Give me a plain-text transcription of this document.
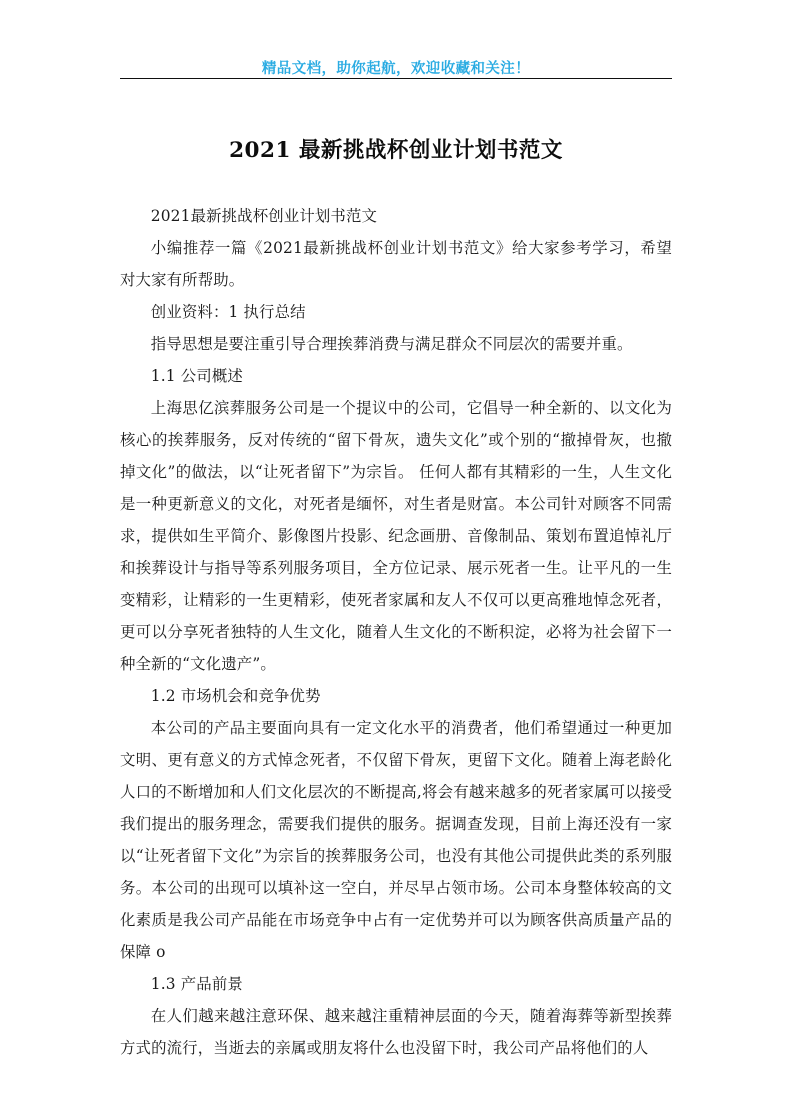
精品文档，助你起航，欢迎收藏和关注！
2021 最新挑战杯创业计划书范文

2021最新挑战杯创业计划书范文

小编推荐一篇《2021最新挑战杯创业计划书范文》给大家参考学习，希望对大家有所帮助。

创业资料：1 执行总结

指导思想是要注重引导合理挨葬消费与满足群众不同层次的需要并重。

1.1 公司概述

上海思亿滨葬服务公司是一个提议中的公司，它倡导一种全新的、以文化为核心的挨葬服务，反对传统的“留下骨灰，遗失文化”或个别的“撤掉骨灰，也撤掉文化”的做法，以“让死者留下”为宗旨。 任何人都有其精彩的一生，人生文化是一种更新意义的文化，对死者是缅怀，对生者是财富。本公司针对顾客不同需求，提供如生平简介、影像图片投影、纪念画册、音像制品、策划布置追悼礼厅和挨葬设计与指导等系列服务项目，全方位记录、展示死者一生。让平凡的一生变精彩，让精彩的一生更精彩，使死者家属和友人不仅可以更高雅地悼念死者，更可以分享死者独特的人生文化，随着人生文化的不断积淀，必将为社会留下一种全新的“文化遗产”。

1.2 市场机会和竞争优势

本公司的产品主要面向具有一定文化水平的消费者，他们希望通过一种更加文明、更有意义的方式悼念死者，不仅留下骨灰，更留下文化。随着上海老龄化人口的不断增加和人们文化层次的不断提高,将会有越来越多的死者家属可以接受我们提出的服务理念，需要我们提供的服务。据调查发现，目前上海还没有一家以“让死者留下文化”为宗旨的挨葬服务公司，也没有其他公司提供此类的系列服务。本公司的出现可以填补这一空白，并尽早占领市场。公司本身整体较高的文化素质是我公司产品能在市场竞争中占有一定优势并可以为顾客供高质量产品的保障 o

1.3 产品前景

在人们越来越注意环保、越来越注重精神层面的今天，随着海葬等新型挨葬方式的流行，当逝去的亲属或朋友将什么也没留下时，我公司产品将他们的人
